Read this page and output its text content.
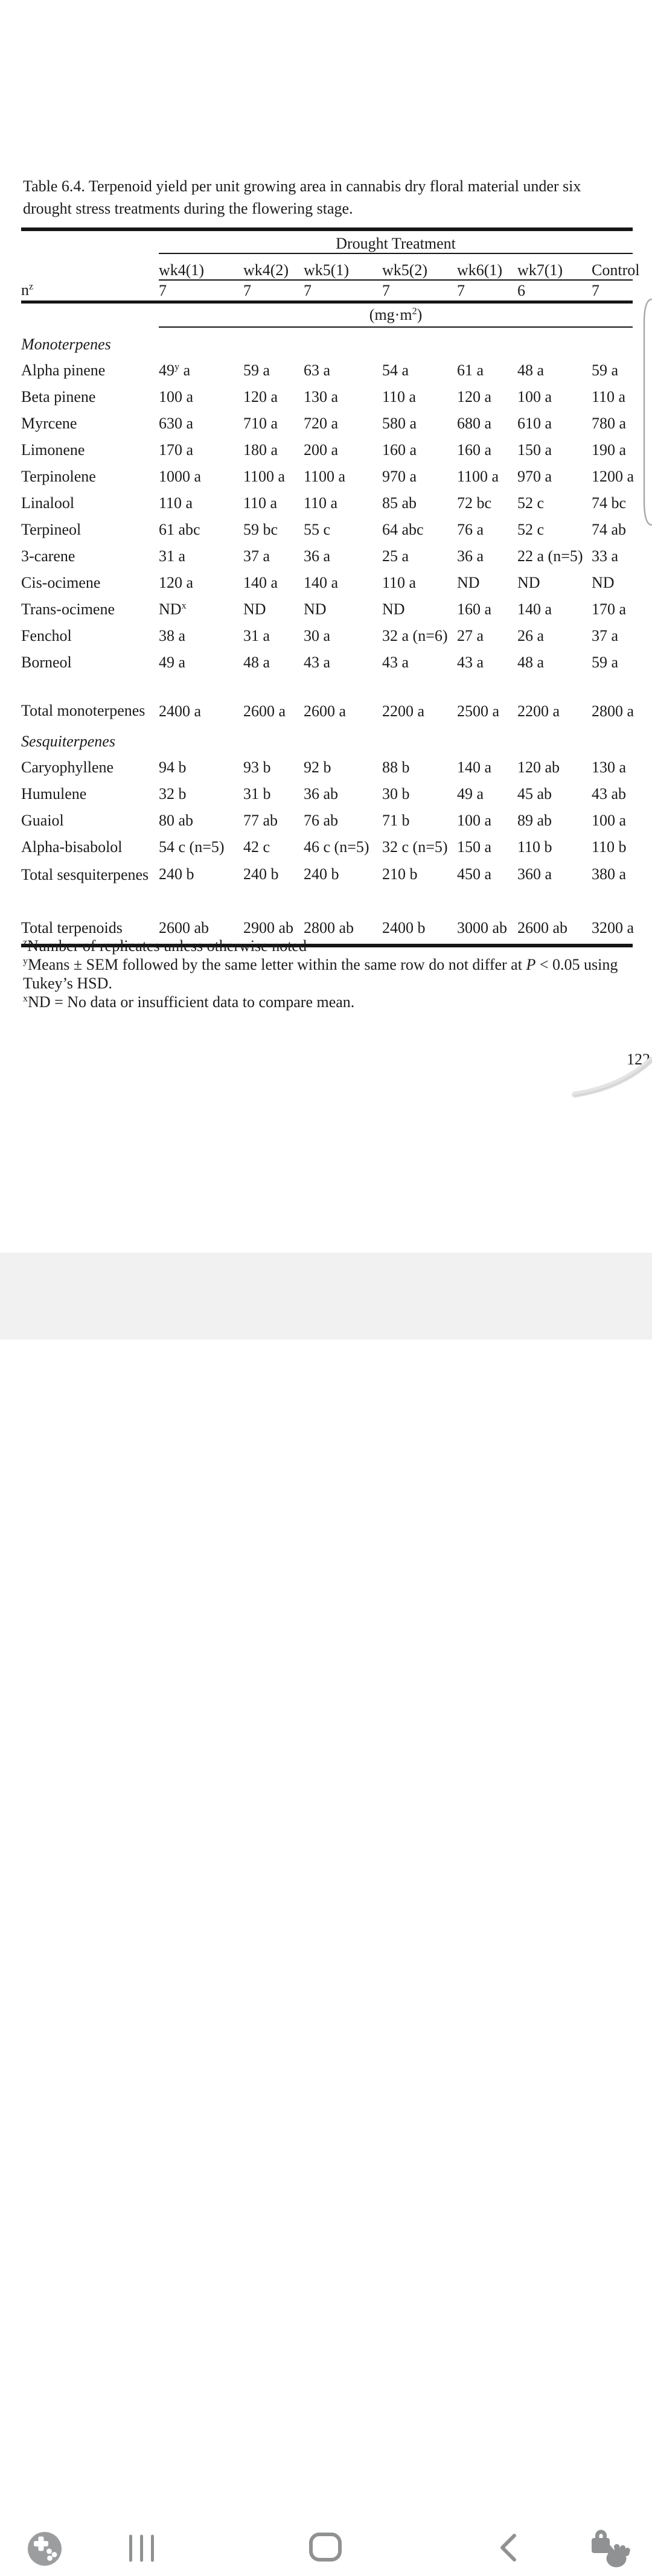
Table 6.4. Terpenoid yield per unit growing area in cannabis dry floral material under six drought stress treatments during the flowering stage.
	Drought Treatment						
	wk4(1)	wk4(2)	wk5(1)	wk5(2)	wk6(1)	wk7(1)	Control
$n^z$	7	7	7	7	7	6	7
	$(mg\cdot m^2)$						
Monoterpenes							
Alpha pinene	49$^y$ a	59 a	63 a	54 a	61 a	48 a	59 a
Beta pinene	100 a	120 a	130 a	110 a	120 a	100 a	110 a
Myrcene	630 a	710 a	720 a	580 a	680 a	610 a	780 a
Limonene	170 a	180 a	200 a	160 a	160 a	150 a	190 a
Terpinolene	1000 a	1100 a	1100 a	970 a	1100 a	970 a	1200 a
Linalool	110 a	110 a	110 a	85 ab	72 bc	52 c	74 bc
Terpineol	61 abc	59 bc	55 c	64 abc	76 a	52 c	74 ab
3-carene	31 a	37 a	36 a	25 a	36 a	22 a (n=5)	33 a
Cis-ocimene	120 a	140 a	140 a	110 a	ND	ND	ND
Trans-ocimene	$ND^x$	ND	ND	ND	160 a	140 a	170 a
Fenchol	38 a	31 a	30 a	32 a (n=6)	27 a	26 a	37 a
Borneol	49 a	48 a	43 a	43 a	43 a	48 a	59 a
Total monoterpenes	2400 a	2600 a	2600 a	2200 a	2500 a	2200 a	2800 a
Sesquiterpenes							
Caryophyllene	94 b	93 b	92 b	88 b	140 a	120 ab	130 a
Humulene	32 b	31 b	36 ab	30 b	49 a	45 ab	43 ab
Guaiol	80 ab	77 ab	76 ab	71 b	100 a	89 ab	100 a
Alpha-bisabolol	54 c (n=5)	42 c	46 c (n=5)	32 c (n=5)	150 a	110 b	110 b
Total sesquiterpenes	240 b	240 b	240 b	210 b	450 a	360 a	380 a
Total terpenoids	2600 ab	2900 ab	2800 ab	2400 b	3000 ab	2600 ab	3200 a

$^z$Number of replicates unless otherwise noted

$^y$Means ± SEM followed by the same letter within the same row do not differ at P < 0.05 using Tukey’s HSD.

$^x$ND = No data or insufficient data to compare mean.

122
